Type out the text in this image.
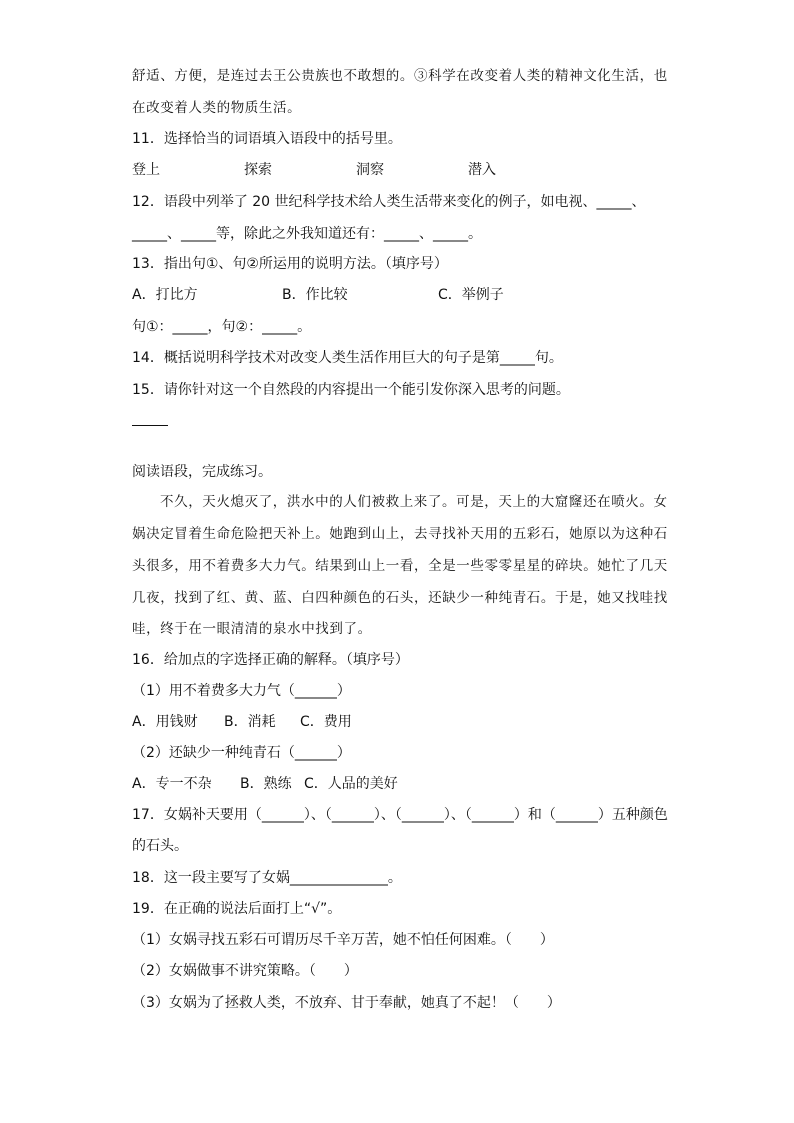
舒适、方便，是连过去王公贵族也不敢想的。③科学在改变着人类的精神文化生活，也
在改变着人类的物质生活。
11．选择恰当的词语填入语段中的括号里。
登上	探索	洞察	潜入
12．语段中列举了 20 世纪科学技术给人类生活带来变化的例子，如电视、_____、
_____、_____等，除此之外我知道还有：_____、_____。
13．指出句①、句②所运用的说明方法。（填序号）
A．打比方	B．作比较	C．举例子
句①：_____，句②：_____。
14．概括说明科学技术对改变人类生活作用巨大的句子是第_____句。
15．请你针对这一个自然段的内容提出一个能引发你深入思考的问题。
阅读语段，完成练习。
不久，天火熄灭了，洪水中的人们被救上来了。可是，天上的大窟窿还在喷火。女
娲决定冒着生命危险把天补上。她跑到山上，去寻找补天用的五彩石，她原以为这种石
头很多，用不着费多大力气。结果到山上一看，全是一些零零星星的碎块。她忙了几天
几夜，找到了红、黄、蓝、白四种颜色的石头，还缺少一种纯青石。于是，她又找哇找
哇，终于在一眼清清的泉水中找到了。
16．给加点的字选择正确的解释。（填序号）
（1）用不着费多大力气（______）
A．用钱财 B．消耗 C．费用
（2）还缺少一种纯青石（______）
A．专一不杂 B．熟练 C．人品的美好
17．女娲补天要用（______）、（______）、（______）、（______）和（______）五种颜色
的石头。
18．这一段主要写了女娲______________。
19．在正确的说法后面打上“√”。
（1）女娲寻找五彩石可谓历尽千辛万苦，她不怕任何困难。（　　）
（2）女娲做事不讲究策略。（　　）
（3）女娲为了拯救人类，不放弃、甘于奉献，她真了不起！（　　）
